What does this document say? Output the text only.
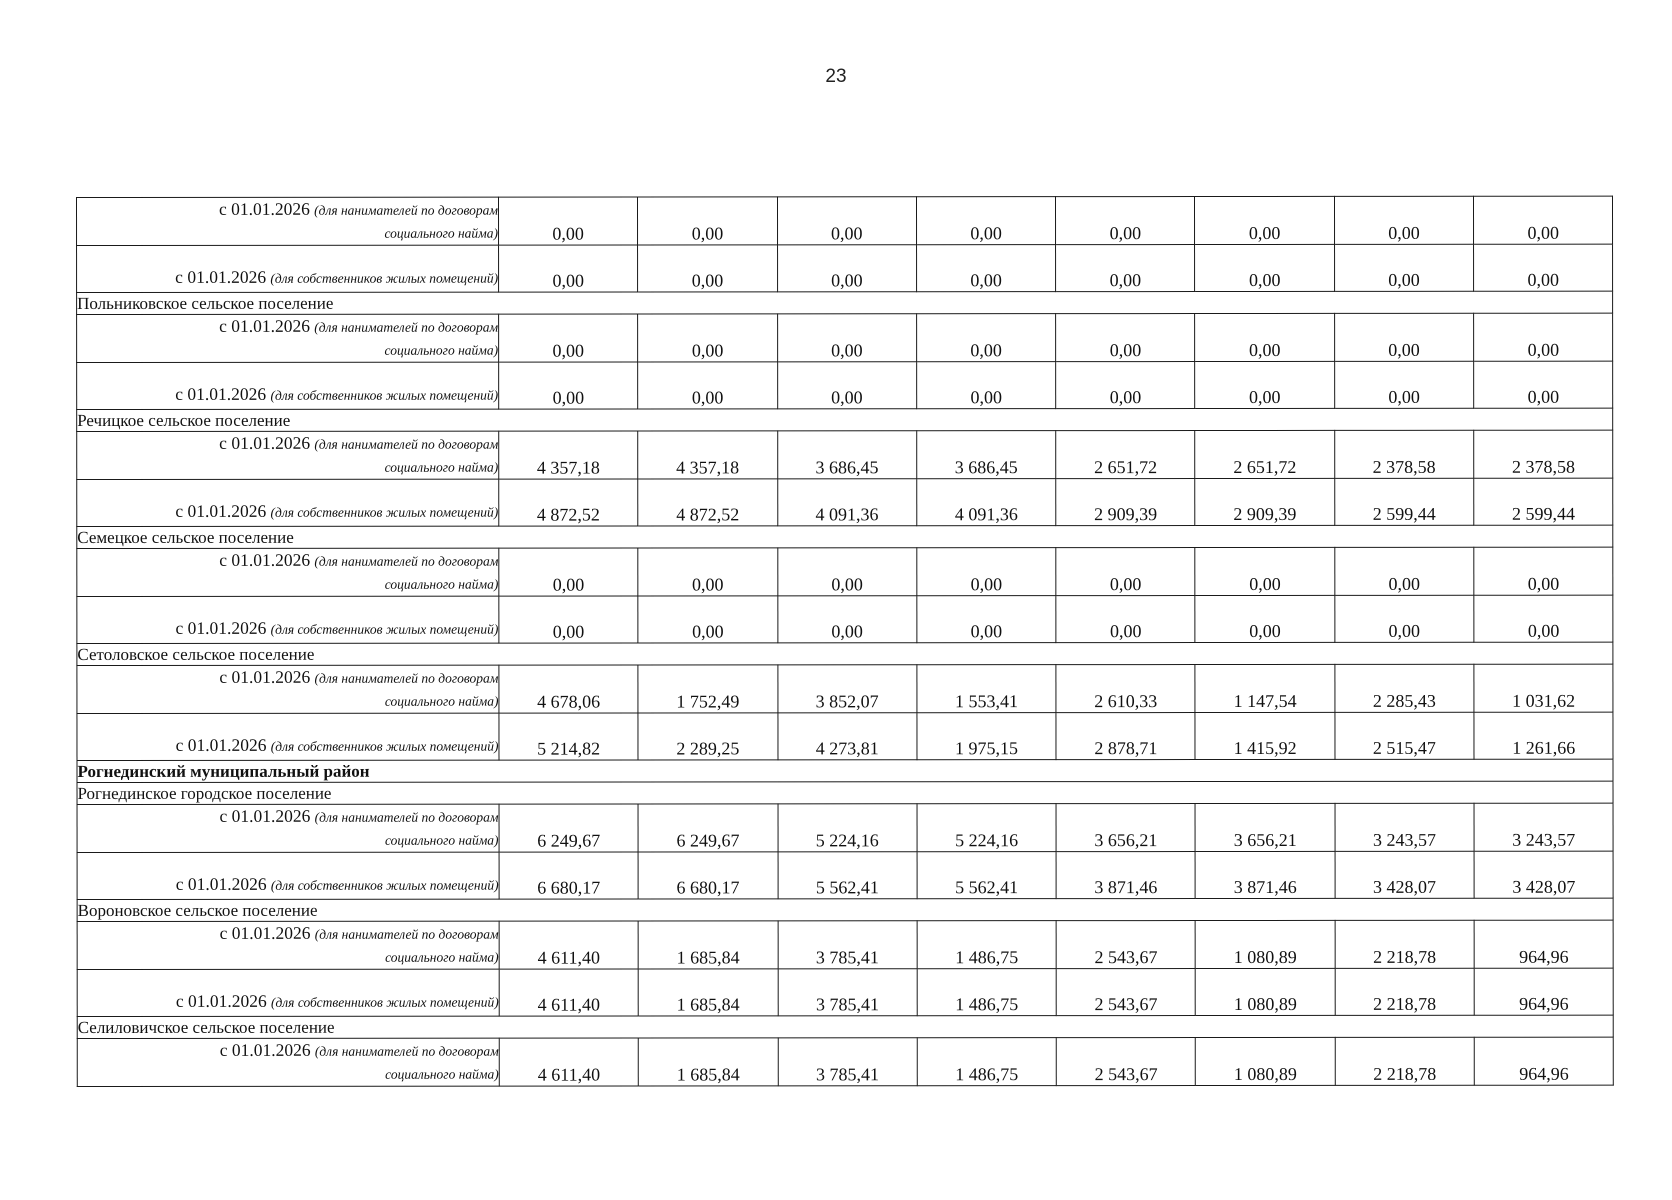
23
с 01.01.2026 (для нанимателей по договорам
социального найма)	0,00	0,00	0,00	0,00	0,00	0,00	0,00	0,00
с 01.01.2026 (для собственников жилых помещений)	0,00	0,00	0,00	0,00	0,00	0,00	0,00	0,00
Польниковское сельское поселение								
с 01.01.2026 (для нанимателей по договорам
социального найма)	0,00	0,00	0,00	0,00	0,00	0,00	0,00	0,00
с 01.01.2026 (для собственников жилых помещений)	0,00	0,00	0,00	0,00	0,00	0,00	0,00	0,00
Речицкое сельское поселение								
с 01.01.2026 (для нанимателей по договорам
социального найма)	4 357,18	4 357,18	3 686,45	3 686,45	2 651,72	2 651,72	2 378,58	2 378,58
с 01.01.2026 (для собственников жилых помещений)	4 872,52	4 872,52	4 091,36	4 091,36	2 909,39	2 909,39	2 599,44	2 599,44
Семецкое сельское поселение								
с 01.01.2026 (для нанимателей по договорам
социального найма)	0,00	0,00	0,00	0,00	0,00	0,00	0,00	0,00
с 01.01.2026 (для собственников жилых помещений)	0,00	0,00	0,00	0,00	0,00	0,00	0,00	0,00
Сетоловское сельское поселение								
с 01.01.2026 (для нанимателей по договорам
социального найма)	4 678,06	1 752,49	3 852,07	1 553,41	2 610,33	1 147,54	2 285,43	1 031,62
с 01.01.2026 (для собственников жилых помещений)	5 214,82	2 289,25	4 273,81	1 975,15	2 878,71	1 415,92	2 515,47	1 261,66
Рогнединский муниципальный район								
Рогнединское городское поселение								
с 01.01.2026 (для нанимателей по договорам
социального найма)	6 249,67	6 249,67	5 224,16	5 224,16	3 656,21	3 656,21	3 243,57	3 243,57
с 01.01.2026 (для собственников жилых помещений)	6 680,17	6 680,17	5 562,41	5 562,41	3 871,46	3 871,46	3 428,07	3 428,07
Вороновское сельское поселение								
с 01.01.2026 (для нанимателей по договорам
социального найма)	4 611,40	1 685,84	3 785,41	1 486,75	2 543,67	1 080,89	2 218,78	964,96
с 01.01.2026 (для собственников жилых помещений)	4 611,40	1 685,84	3 785,41	1 486,75	2 543,67	1 080,89	2 218,78	964,96
Селиловичское сельское поселение								
с 01.01.2026 (для нанимателей по договорам
социального найма)	4 611,40	1 685,84	3 785,41	1 486,75	2 543,67	1 080,89	2 218,78	964,96
